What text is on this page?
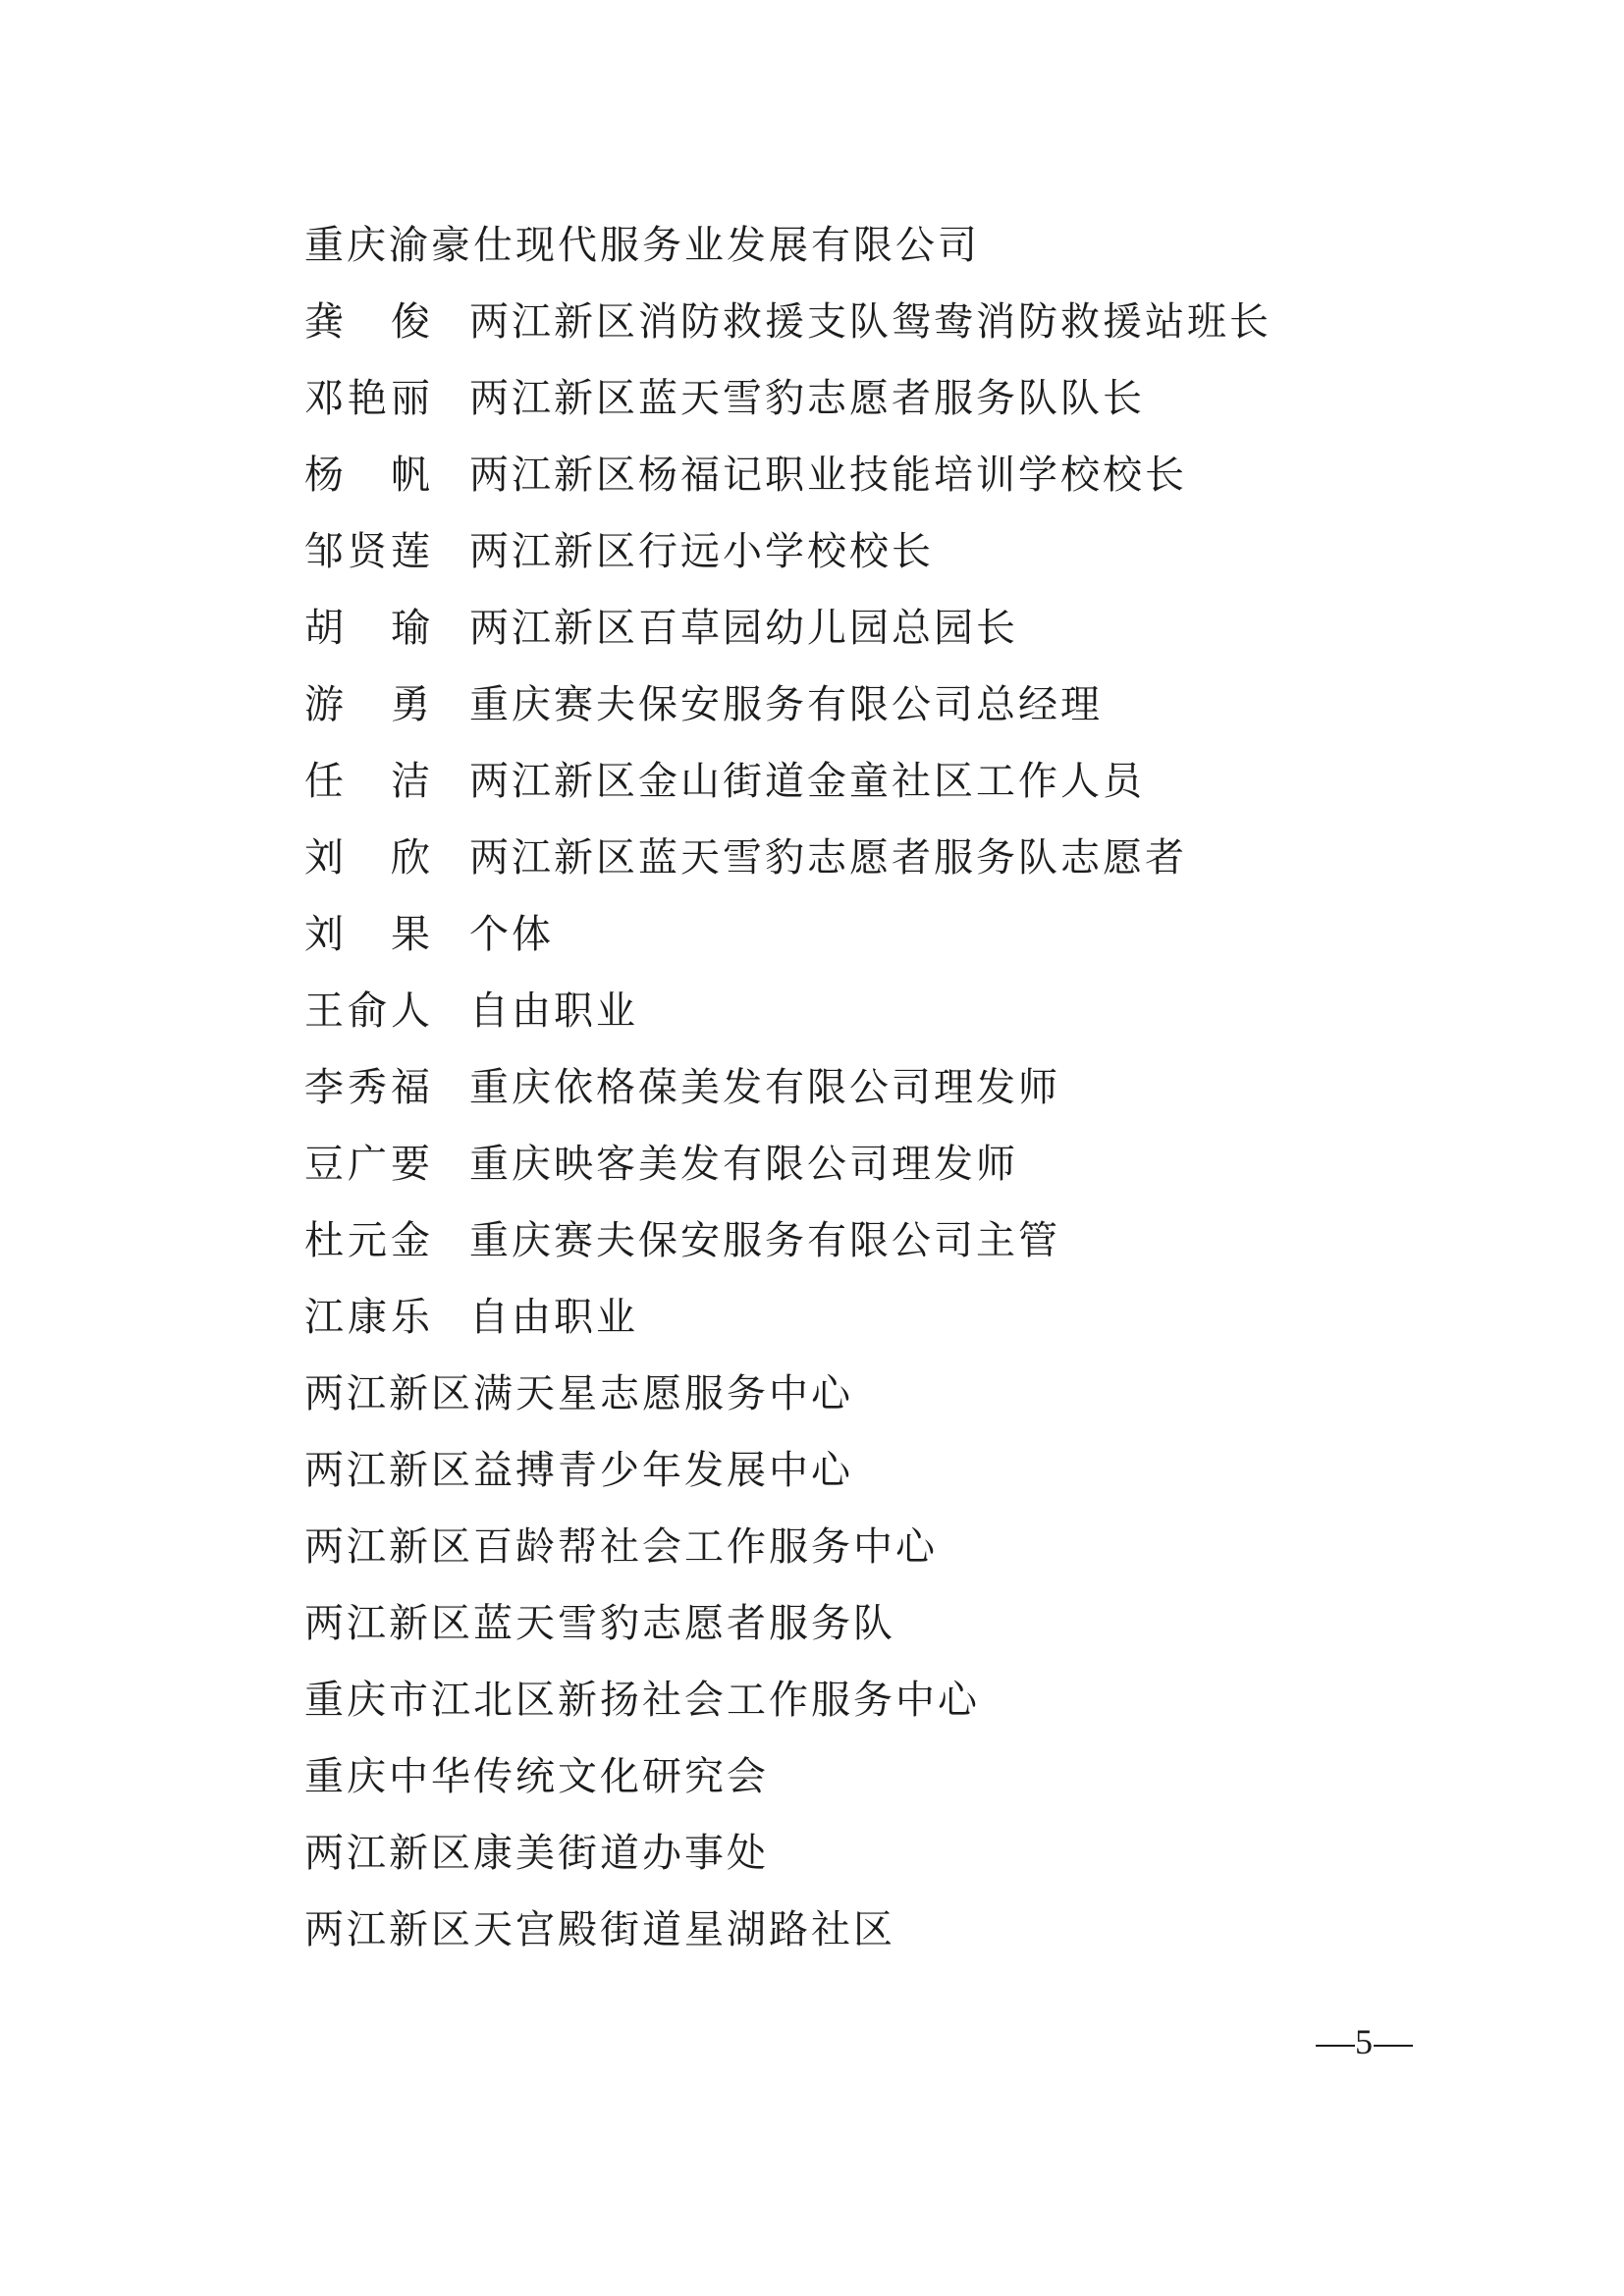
重庆渝豪仕现代服务业发展有限公司
龚　俊 两江新区消防救援支队鸳鸯消防救援站班长
邓艳丽 两江新区蓝天雪豹志愿者服务队队长
杨　帆 两江新区杨福记职业技能培训学校校长
邹贤莲 两江新区行远小学校校长
胡　瑜 两江新区百草园幼儿园总园长
游　勇 重庆赛夫保安服务有限公司总经理
任　洁 两江新区金山街道金童社区工作人员
刘　欣 两江新区蓝天雪豹志愿者服务队志愿者
刘　果 个体
王俞人 自由职业
李秀福 重庆依格葆美发有限公司理发师
豆广要 重庆映客美发有限公司理发师
杜元金 重庆赛夫保安服务有限公司主管
江康乐 自由职业
两江新区满天星志愿服务中心
两江新区益搏青少年发展中心
两江新区百龄帮社会工作服务中心
两江新区蓝天雪豹志愿者服务队
重庆市江北区新扬社会工作服务中心
重庆中华传统文化研究会
两江新区康美街道办事处
两江新区天宫殿街道星湖路社区
5
